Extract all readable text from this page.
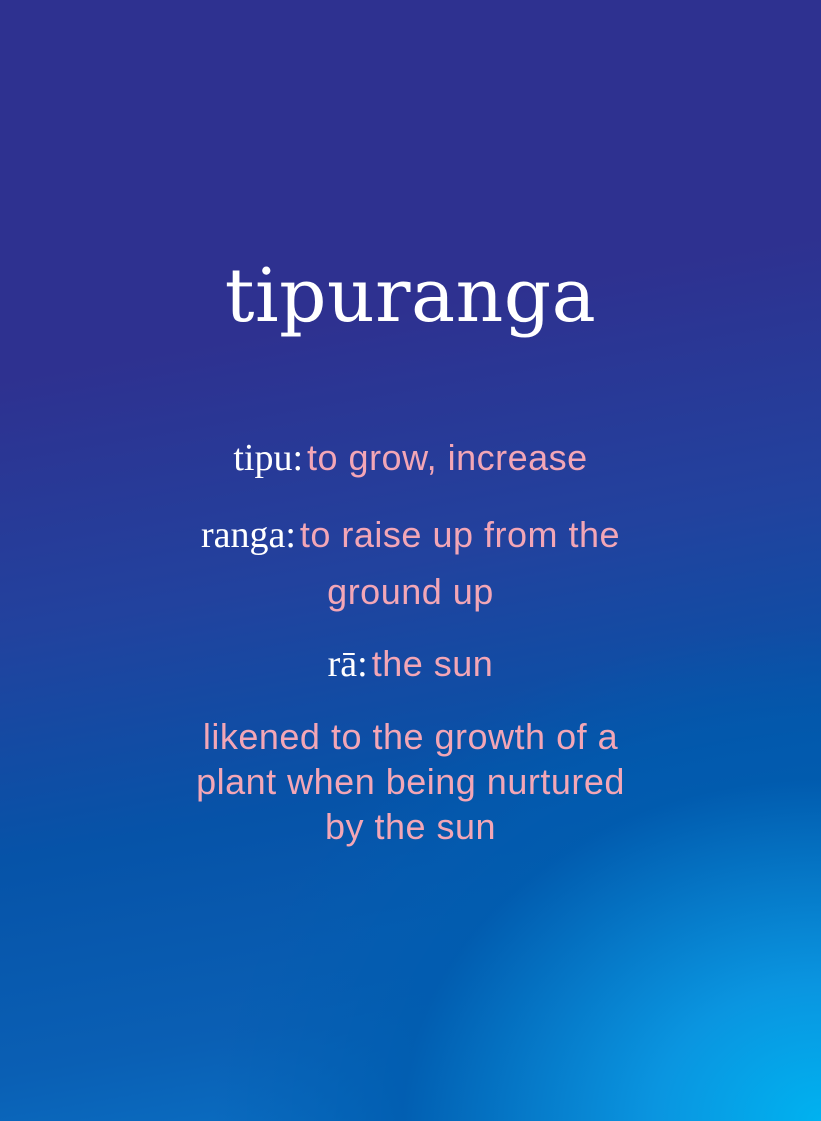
tipuranga

tipu: to grow, increase

ranga: to raise up from the
ground up

rā: the sun

likened to the growth of a
plant when being nurtured
by the sun
